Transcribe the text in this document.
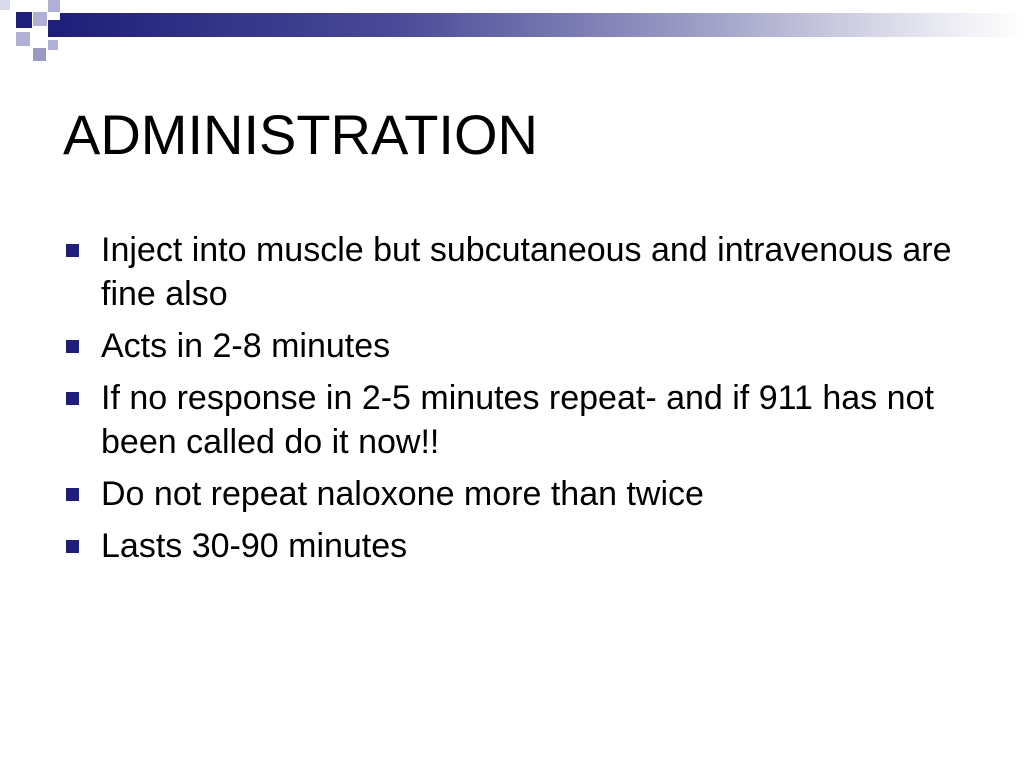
ADMINISTRATION
Inject into muscle but subcutaneous and intravenous are fine also
Acts in 2-8 minutes
If no response in 2-5 minutes repeat- and if 911 has not been called do it now!!
Do not repeat naloxone more than twice
Lasts 30-90 minutes
